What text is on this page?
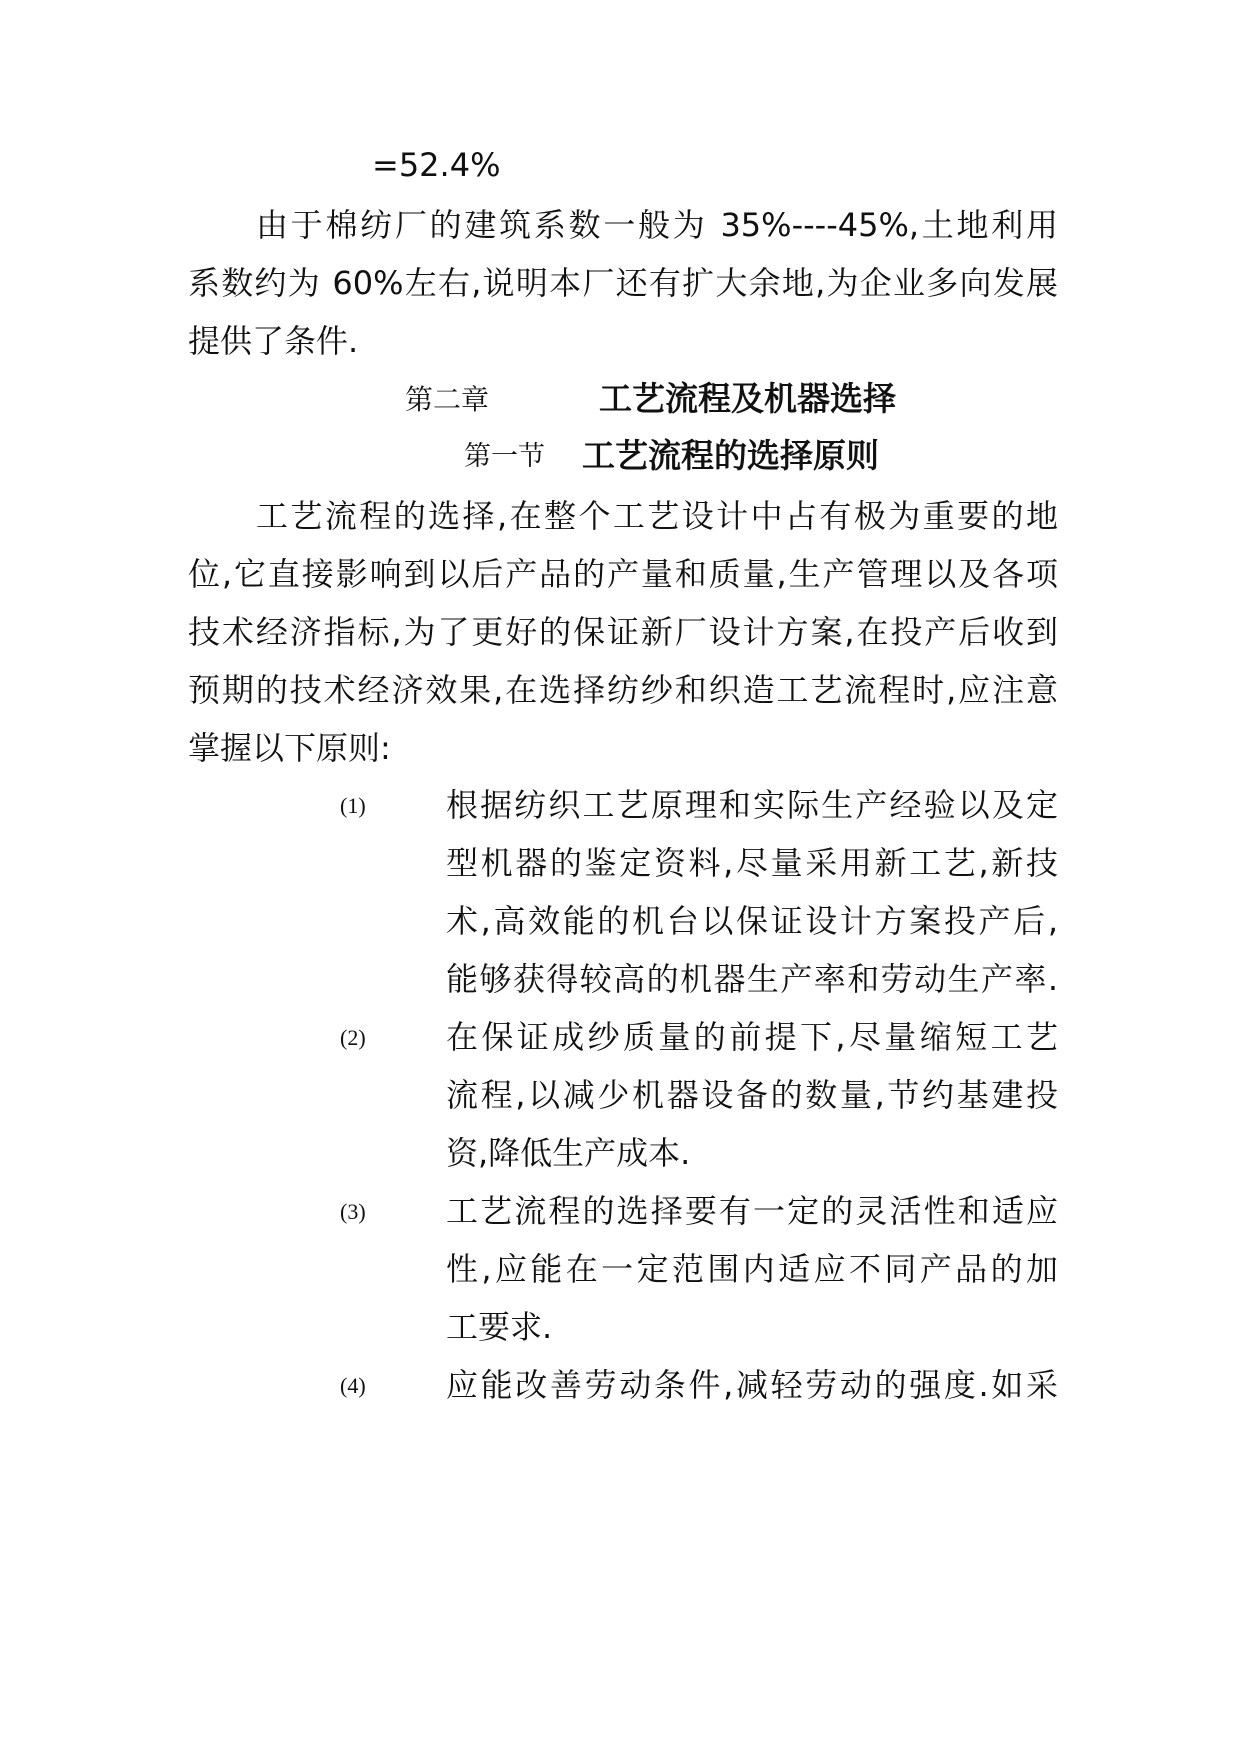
=52.4%
由于棉纺厂的建筑系数一般为 35%----45%,土地利用
系数约为 60%左右,说明本厂还有扩大余地,为企业多向发展
提供了条件.
第二章	工艺流程及机器选择
第一节 工艺流程的选择原则
工艺流程的选择,在整个工艺设计中占有极为重要的地
位,它直接影响到以后产品的产量和质量,生产管理以及各项
技术经济指标,为了更好的保证新厂设计方案,在投产后收到
预期的技术经济效果,在选择纺纱和织造工艺流程时,应注意
掌握以下原则:
(1)	根据纺织工艺原理和实际生产经验以及定
型机器的鉴定资料,尽量采用新工艺,新技
术,高效能的机台以保证设计方案投产后,
能够获得较高的机器生产率和劳动生产率.
(2)	在保证成纱质量的前提下,尽量缩短工艺
流程,以减少机器设备的数量,节约基建投
资,降低生产成本.
(3)	工艺流程的选择要有一定的灵活性和适应
性,应能在一定范围内适应不同产品的加
工要求.
(4)	应能改善劳动条件,减轻劳动的强度.如采
